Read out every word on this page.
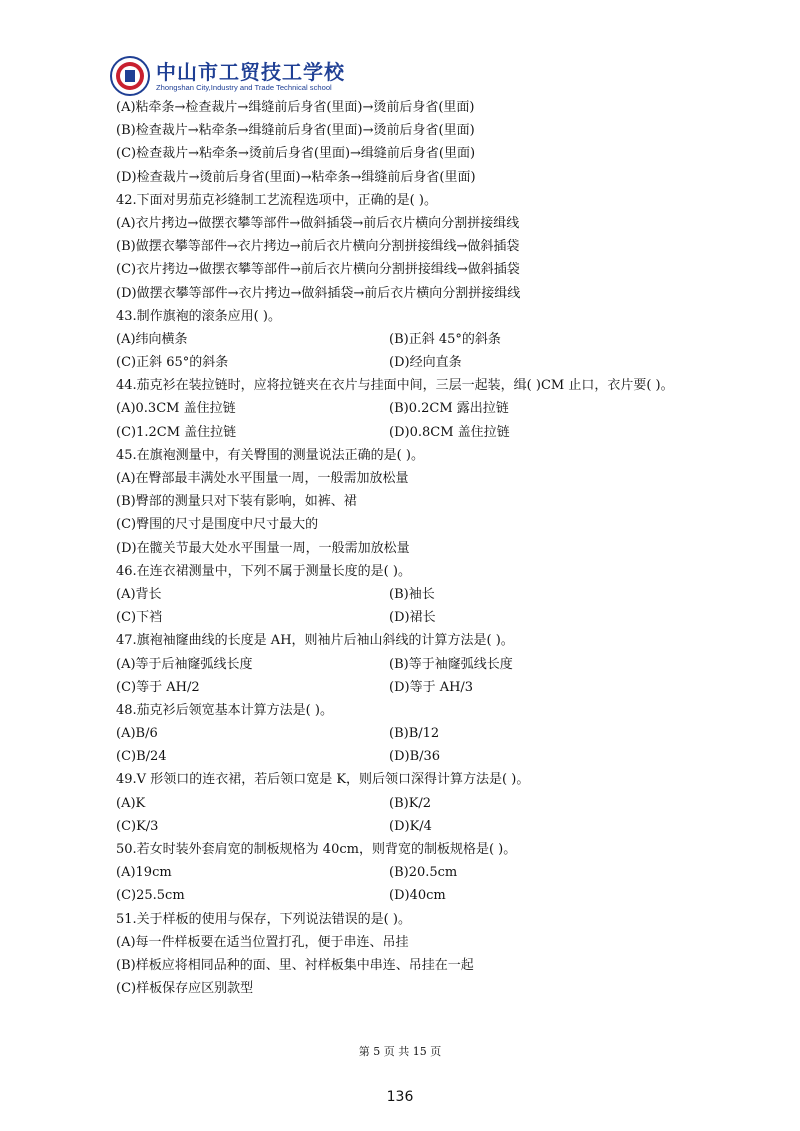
中山市工贸技工学校
Zhongshan City,Industry and Trade Technical school
(A)粘牵条→检查裁片→缉缝前后身省(里面)→烫前后身省(里面)
(B)检查裁片→粘牵条→缉缝前后身省(里面)→烫前后身省(里面)
(C)检查裁片→粘牵条→烫前后身省(里面)→缉缝前后身省(里面)
(D)检查裁片→烫前后身省(里面)→粘牵条→缉缝前后身省(里面)
42.下面对男茄克衫缝制工艺流程选项中，正确的是( )。
(A)衣片拷边→做摆衣攀等部件→做斜插袋→前后衣片横向分割拼接缉线
(B)做摆衣攀等部件→衣片拷边→前后衣片横向分割拼接缉线→做斜插袋
(C)衣片拷边→做摆衣攀等部件→前后衣片横向分割拼接缉线→做斜插袋
(D)做摆衣攀等部件→衣片拷边→做斜插袋→前后衣片横向分割拼接缉线
43.制作旗袍的滚条应用( )。
(A)纬向横条	(B)正斜 45°的斜条
(C)正斜 65°的斜条	(D)经向直条
44.茄克衫在装拉链时，应将拉链夹在衣片与挂面中间，三层一起装，缉( )CM 止口，衣片要( )。
(A)0.3CM 盖住拉链	(B)0.2CM 露出拉链
(C)1.2CM 盖住拉链	(D)0.8CM 盖住拉链
45.在旗袍测量中，有关臀围的测量说法正确的是( )。
(A)在臀部最丰满处水平围量一周，一般需加放松量
(B)臀部的测量只对下装有影响，如裤、裙
(C)臀围的尺寸是围度中尺寸最大的
(D)在髋关节最大处水平围量一周，一般需加放松量
46.在连衣裙测量中，下列不属于测量长度的是( )。
(A)背长	(B)袖长
(C)下裆	(D)裙长
47.旗袍袖窿曲线的长度是 AH，则袖片后袖山斜线的计算方法是( )。
(A)等于后袖窿弧线长度	(B)等于袖窿弧线长度
(C)等于 AH/2	(D)等于 AH/3
48.茄克衫后领宽基本计算方法是( )。
(A)B/6	(B)B/12
(C)B/24	(D)B/36
49.V 形领口的连衣裙，若后领口宽是 K，则后领口深得计算方法是( )。
(A)K	(B)K/2
(C)K/3	(D)K/4
50.若女时装外套肩宽的制板规格为 40cm，则背宽的制板规格是( )。
(A)19cm	(B)20.5cm
(C)25.5cm	(D)40cm
51.关于样板的使用与保存，下列说法错误的是( )。
(A)每一件样板要在适当位置打孔，便于串连、吊挂
(B)样板应将相同品种的面、里、衬样板集中串连、吊挂在一起
(C)样板保存应区别款型
第 5 页 共 15 页
136
